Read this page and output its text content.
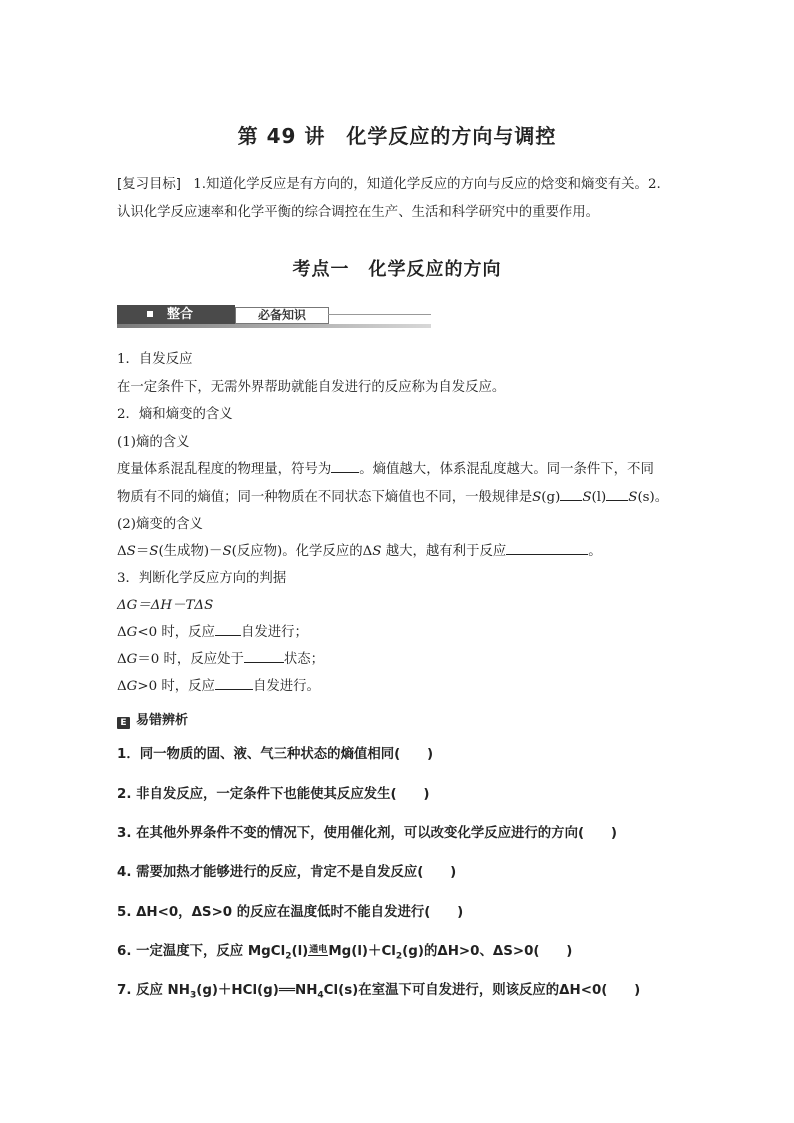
第 49 讲　化学反应的方向与调控
[复习目标] 1.知道化学反应是有方向的，知道化学反应的方向与反应的焓变和熵变有关。2.
认识化学反应速率和化学平衡的综合调控在生产、生活和科学研究中的重要作用。
考点一　化学反应的方向
整合	必备知识
1．自发反应
在一定条件下，无需外界帮助就能自发进行的反应称为自发反应。
2．熵和熵变的含义
(1)熵的含义
度量体系混乱程度的物理量，符号为 。熵值越大，体系混乱度越大。同一条件下，不同
物质有不同的熵值；同一种物质在不同状态下熵值也不同，一般规律是S(g) S(l) S(s)。
(2)熵变的含义
ΔS＝S(生成物)－S(反应物)。化学反应的ΔS 越大，越有利于反应	。
3．判断化学反应方向的判据
ΔG＝ΔH－TΔS
ΔG<0 时，反应 自发进行；
ΔG＝0 时，反应处于	状态；
ΔG>0 时，反应	自发进行。
E 易错辨析
1．同一物质的固、液、气三种状态的熵值相同(　　)
2. 非自发反应，一定条件下也能使其反应发生(　　)
3. 在其他外界条件不变的情况下，使用催化剂，可以改变化学反应进行的方向(　　)
4. 需要加热才能够进行的反应，肯定不是自发反应(　　)
5. ΔH<0，ΔS>0 的反应在温度低时不能自发进行(　　)
6. 一定温度下，反应 MgCl$_2$(l)通电$Mg(l)+Cl_2(g)$的ΔH>0、ΔS>0(　　)
7. 反应 $NH_3(g)+HCl(g)══NH_4Cl(s)$在室温下可自发进行，则该反应的ΔH<0(　　)
